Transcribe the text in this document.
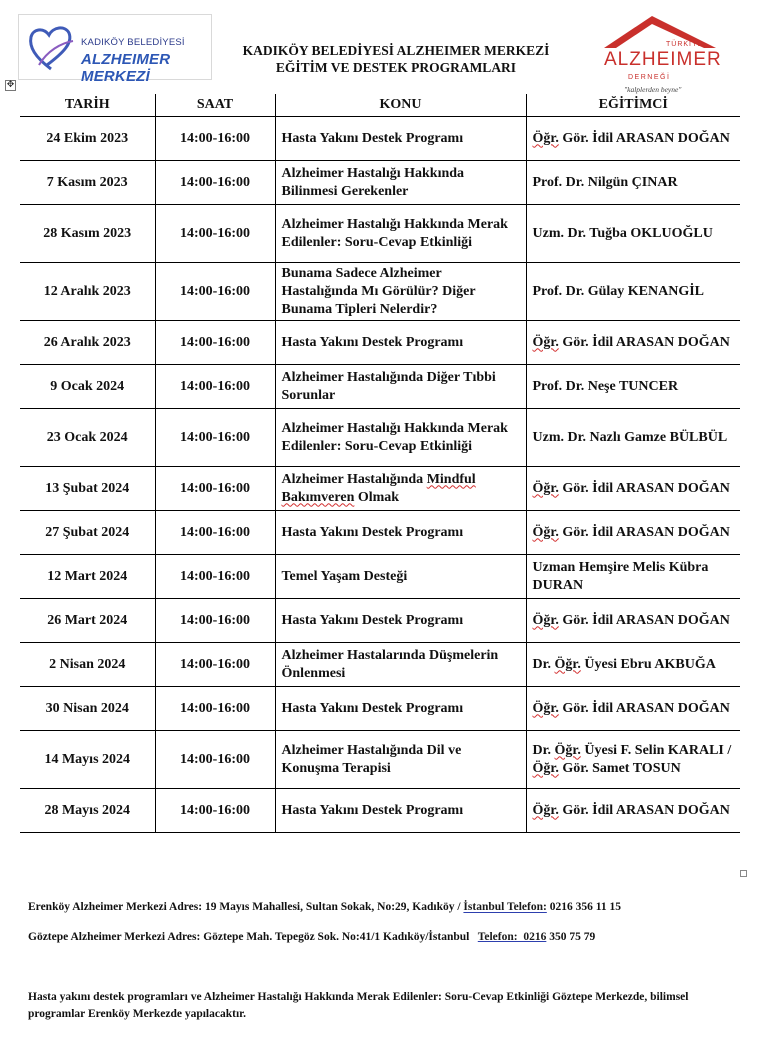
KADIKÖY BELEDİYESİ
ALZHEIMER MERKEZİ
KADIKÖY BELEDİYESİ ALZHEIMER MERKEZİ
EĞİTİM VE DESTEK PROGRAMLARI
TÜRKİYE
ALZHEIMER
DERNEĞİ
"kalplerden beyne"
✥
TARİH	SAAT	KONU	EĞİTİMCİ
24 Ekim 2023	14:00-16:00	Hasta Yakını Destek Programı	Öğr. Gör. İdil ARASAN DOĞAN
7 Kasım 2023	14:00-16:00	Alzheimer Hastalığı Hakkında Bilinmesi Gerekenler	Prof. Dr. Nilgün ÇINAR
28 Kasım 2023	14:00-16:00	Alzheimer Hastalığı Hakkında Merak Edilenler: Soru-Cevap Etkinliği	Uzm. Dr. Tuğba OKLUOĞLU
12 Aralık 2023	14:00-16:00	Bunama Sadece Alzheimer Hastalığında Mı Görülür? Diğer Bunama Tipleri Nelerdir?	Prof. Dr. Gülay KENANGİL
26 Aralık 2023	14:00-16:00	Hasta Yakını Destek Programı	Öğr. Gör. İdil ARASAN DOĞAN
9 Ocak 2024	14:00-16:00	Alzheimer Hastalığında Diğer Tıbbi Sorunlar	Prof. Dr. Neşe TUNCER
23 Ocak 2024	14:00-16:00	Alzheimer Hastalığı Hakkında Merak Edilenler: Soru-Cevap Etkinliği	Uzm. Dr. Nazlı Gamze BÜLBÜL
13 Şubat 2024	14:00-16:00	Alzheimer Hastalığında Mindful Bakımveren Olmak	Öğr. Gör. İdil ARASAN DOĞAN
27 Şubat 2024	14:00-16:00	Hasta Yakını Destek Programı	Öğr. Gör. İdil ARASAN DOĞAN
12 Mart 2024	14:00-16:00	Temel Yaşam Desteği	Uzman Hemşire Melis Kübra DURAN
26 Mart 2024	14:00-16:00	Hasta Yakını Destek Programı	Öğr. Gör. İdil ARASAN DOĞAN
2 Nisan 2024	14:00-16:00	Alzheimer Hastalarında Düşmelerin Önlenmesi	Dr. Öğr. Üyesi Ebru AKBUĞA
30 Nisan 2024	14:00-16:00	Hasta Yakını Destek Programı	Öğr. Gör. İdil ARASAN DOĞAN
14 Mayıs 2024	14:00-16:00	Alzheimer Hastalığında Dil ve Konuşma Terapisi	Dr. Öğr. Üyesi F. Selin KARALI / Öğr. Gör. Samet TOSUN
28 Mayıs 2024	14:00-16:00	Hasta Yakını Destek Programı	Öğr. Gör. İdil ARASAN DOĞAN
Erenköy Alzheimer Merkezi Adres: 19 Mayıs Mahallesi, Sultan Sokak, No:29, Kadıköy / İstanbul Telefon: 0216 356 11 15
Göztepe Alzheimer Merkezi Adres: Göztepe Mah. Tepegöz Sok. No:41/1 Kadıköy/İstanbul   Telefon:  0216 350 75 79
Hasta yakını destek programları ve Alzheimer Hastalığı Hakkında Merak Edilenler: Soru-Cevap Etkinliği Göztepe Merkezde, bilimsel programlar Erenköy Merkezde yapılacaktır.
